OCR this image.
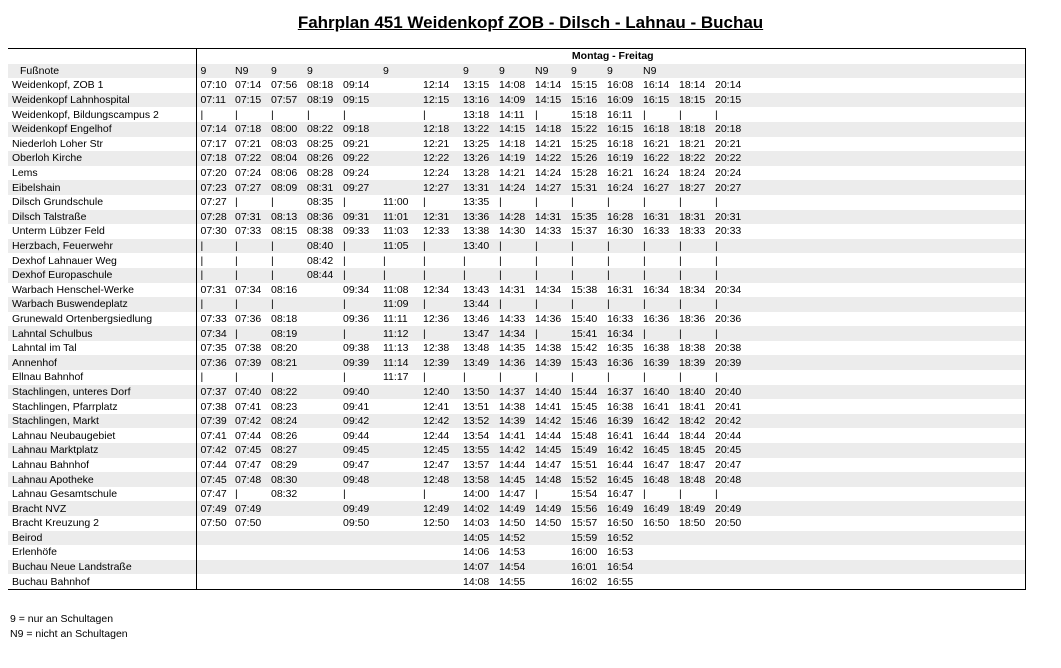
Fahrplan 451 Weidenkopf ZOB - Dilsch - Lahnau - Buchau
	Montag - Freitag															
Fußnote	9	N9	9	9		9		9	9	N9	9	9	N9			
Weidenkopf, ZOB 1	07:10	07:14	07:56	08:18	09:14		12:14	13:15	14:08	14:14	15:15	16:08	16:14	18:14	20:14	
Weidenkopf Lahnhospital	07:11	07:15	07:57	08:19	09:15		12:15	13:16	14:09	14:15	15:16	16:09	16:15	18:15	20:15	
Weidenkopf, Bildungscampus 2	|	|	|	|	|		|	13:18	14:11	|	15:18	16:11	|	|	|	
Weidenkopf Engelhof	07:14	07:18	08:00	08:22	09:18		12:18	13:22	14:15	14:18	15:22	16:15	16:18	18:18	20:18	
Niederloh Loher Str	07:17	07:21	08:03	08:25	09:21		12:21	13:25	14:18	14:21	15:25	16:18	16:21	18:21	20:21	
Oberloh Kirche	07:18	07:22	08:04	08:26	09:22		12:22	13:26	14:19	14:22	15:26	16:19	16:22	18:22	20:22	
Lems	07:20	07:24	08:06	08:28	09:24		12:24	13:28	14:21	14:24	15:28	16:21	16:24	18:24	20:24	
Eibelshain	07:23	07:27	08:09	08:31	09:27		12:27	13:31	14:24	14:27	15:31	16:24	16:27	18:27	20:27	
Dilsch Grundschule	07:27	|	|	08:35	|	11:00	|	13:35	|	|	|	|	|	|	|	
Dilsch Talstraße	07:28	07:31	08:13	08:36	09:31	11:01	12:31	13:36	14:28	14:31	15:35	16:28	16:31	18:31	20:31	
Unterm Lübzer Feld	07:30	07:33	08:15	08:38	09:33	11:03	12:33	13:38	14:30	14:33	15:37	16:30	16:33	18:33	20:33	
Herzbach, Feuerwehr	|	|	|	08:40	|	11:05	|	13:40	|	|	|	|	|	|	|	
Dexhof Lahnauer Weg	|	|	|	08:42	|	|	|	|	|	|	|	|	|	|	|	
Dexhof Europaschule	|	|	|	08:44	|	|	|	|	|	|	|	|	|	|	|	
Warbach Henschel-Werke	07:31	07:34	08:16		09:34	11:08	12:34	13:43	14:31	14:34	15:38	16:31	16:34	18:34	20:34	
Warbach Buswendeplatz	|	|	|		|	11:09	|	13:44	|	|	|	|	|	|	|	
Grunewald Ortenbergsiedlung	07:33	07:36	08:18		09:36	11:11	12:36	13:46	14:33	14:36	15:40	16:33	16:36	18:36	20:36	
Lahntal Schulbus	07:34	|	08:19		|	11:12	|	13:47	14:34	|	15:41	16:34	|	|	|	
Lahntal im Tal	07:35	07:38	08:20		09:38	11:13	12:38	13:48	14:35	14:38	15:42	16:35	16:38	18:38	20:38	
Annenhof	07:36	07:39	08:21		09:39	11:14	12:39	13:49	14:36	14:39	15:43	16:36	16:39	18:39	20:39	
Ellnau Bahnhof	|	|	|		|	11:17	|	|	|	|	|	|	|	|	|	
Stachlingen, unteres Dorf	07:37	07:40	08:22		09:40		12:40	13:50	14:37	14:40	15:44	16:37	16:40	18:40	20:40	
Stachlingen, Pfarrplatz	07:38	07:41	08:23		09:41		12:41	13:51	14:38	14:41	15:45	16:38	16:41	18:41	20:41	
Stachlingen, Markt	07:39	07:42	08:24		09:42		12:42	13:52	14:39	14:42	15:46	16:39	16:42	18:42	20:42	
Lahnau Neubaugebiet	07:41	07:44	08:26		09:44		12:44	13:54	14:41	14:44	15:48	16:41	16:44	18:44	20:44	
Lahnau Marktplatz	07:42	07:45	08:27		09:45		12:45	13:55	14:42	14:45	15:49	16:42	16:45	18:45	20:45	
Lahnau Bahnhof	07:44	07:47	08:29		09:47		12:47	13:57	14:44	14:47	15:51	16:44	16:47	18:47	20:47	
Lahnau Apotheke	07:45	07:48	08:30		09:48		12:48	13:58	14:45	14:48	15:52	16:45	16:48	18:48	20:48	
Lahnau Gesamtschule	07:47	|	08:32		|		|	14:00	14:47	|	15:54	16:47	|	|	|	
Bracht NVZ	07:49	07:49			09:49		12:49	14:02	14:49	14:49	15:56	16:49	16:49	18:49	20:49	
Bracht Kreuzung 2	07:50	07:50			09:50		12:50	14:03	14:50	14:50	15:57	16:50	16:50	18:50	20:50	
Beirod								14:05	14:52		15:59	16:52				
Erlenhöfe								14:06	14:53		16:00	16:53				
Buchau Neue Landstraße								14:07	14:54		16:01	16:54				
Buchau Bahnhof								14:08	14:55		16:02	16:55				
9 = nur an Schultagen
N9 = nicht an Schultagen
